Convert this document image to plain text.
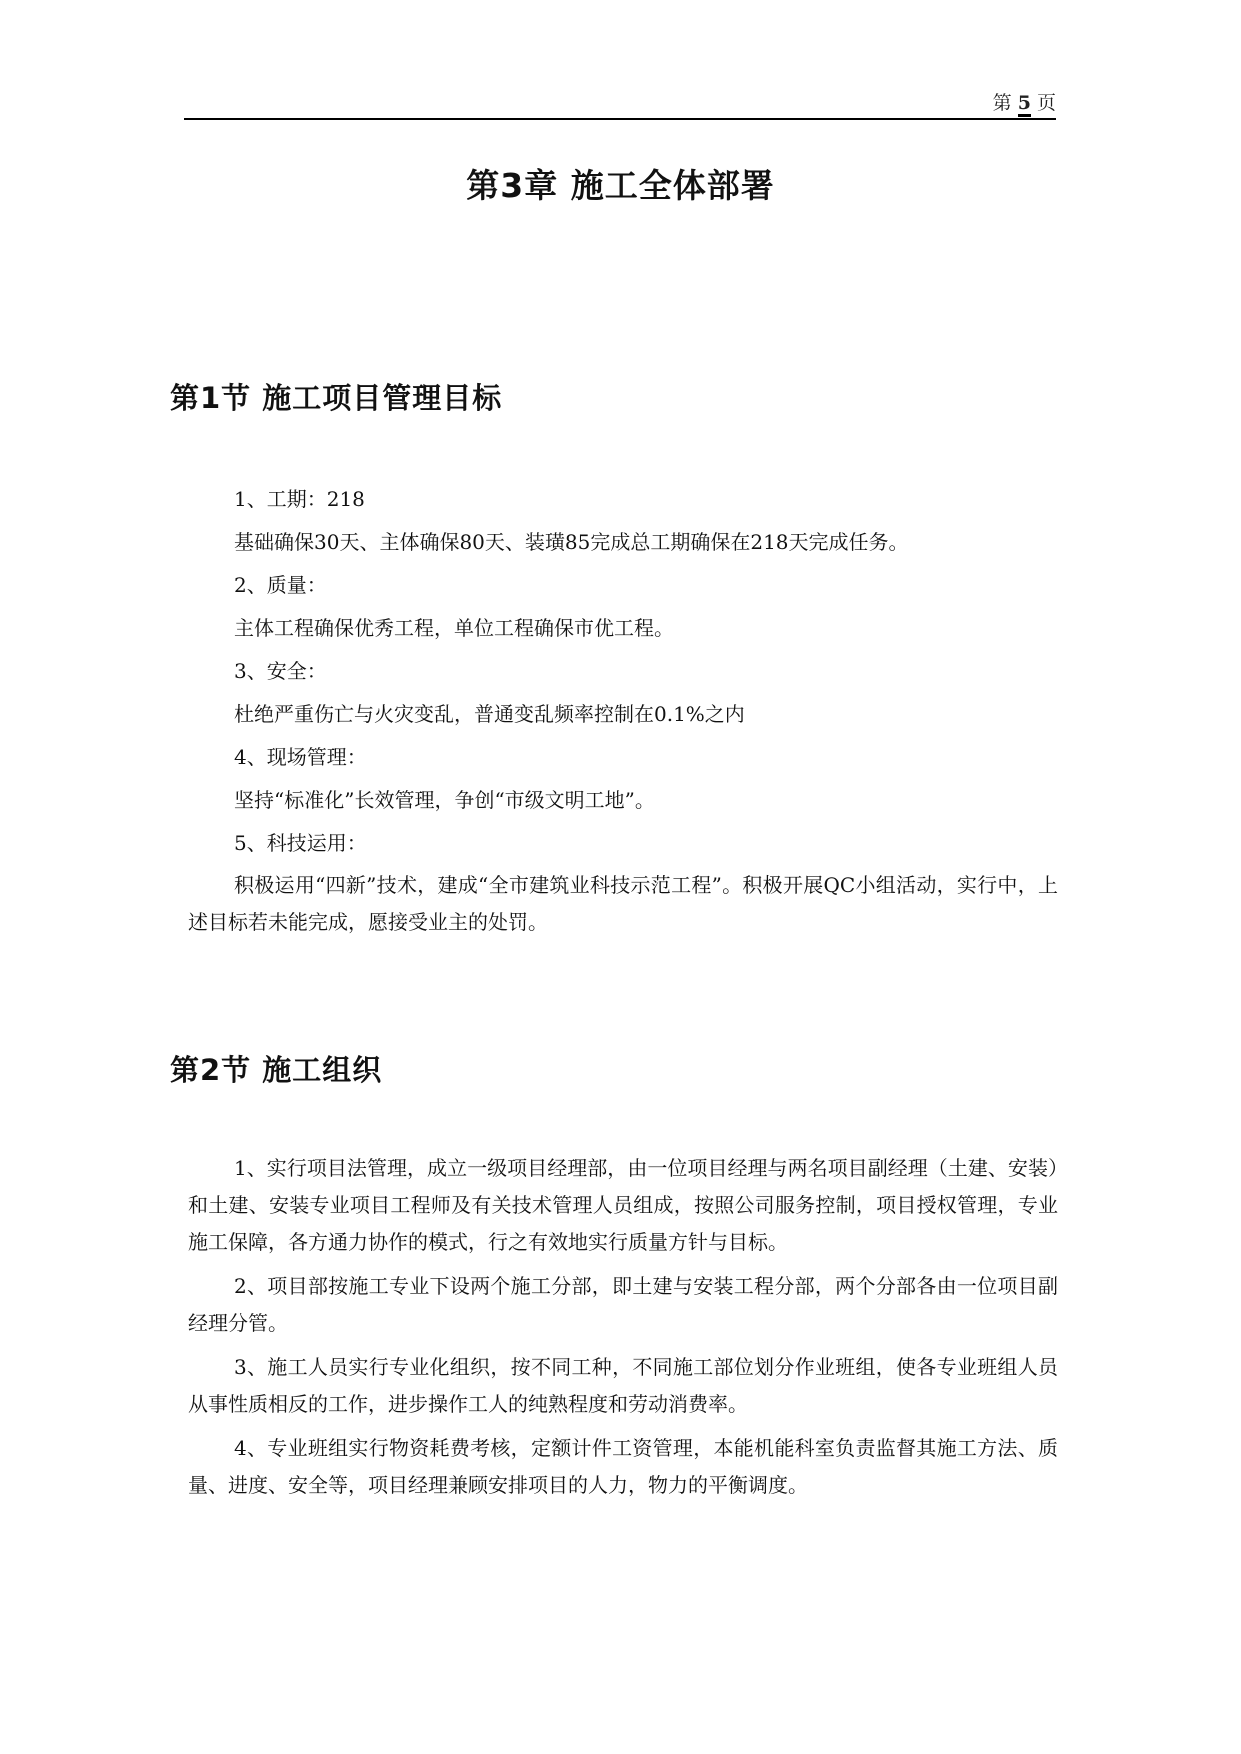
第 5 页
第3章 施工全体部署
第1节 施工项目管理目标

1、工期：218

基础确保30天、主体确保80天、装璜85完成总工期确保在218天完成任务。

2、质量：

主体工程确保优秀工程，单位工程确保市优工程。

3、安全：

杜绝严重伤亡与火灾变乱，普通变乱频率控制在0.1%之内

4、现场管理：

坚持“标准化”长效管理，争创“市级文明工地”。

5、科技运用：

积极运用“四新”技术，建成“全市建筑业科技示范工程”。积极开展QC小组活动，实行中，上述目标若未能完成，愿接受业主的处罚。

第2节 施工组织

1、实行项目法管理，成立一级项目经理部，由一位项目经理与两名项目副经理（土建、安装）和土建、安装专业项目工程师及有关技术管理人员组成，按照公司服务控制，项目授权管理，专业施工保障，各方通力协作的模式，行之有效地实行质量方针与目标。

2、项目部按施工专业下设两个施工分部，即土建与安装工程分部，两个分部各由一位项目副经理分管。

3、施工人员实行专业化组织，按不同工种，不同施工部位划分作业班组，使各专业班组人员从事性质相反的工作，进步操作工人的纯熟程度和劳动消费率。

4、专业班组实行物资耗费考核，定额计件工资管理，本能机能科室负责监督其施工方法、质量、进度、安全等，项目经理兼顾安排项目的人力，物力的平衡调度。
